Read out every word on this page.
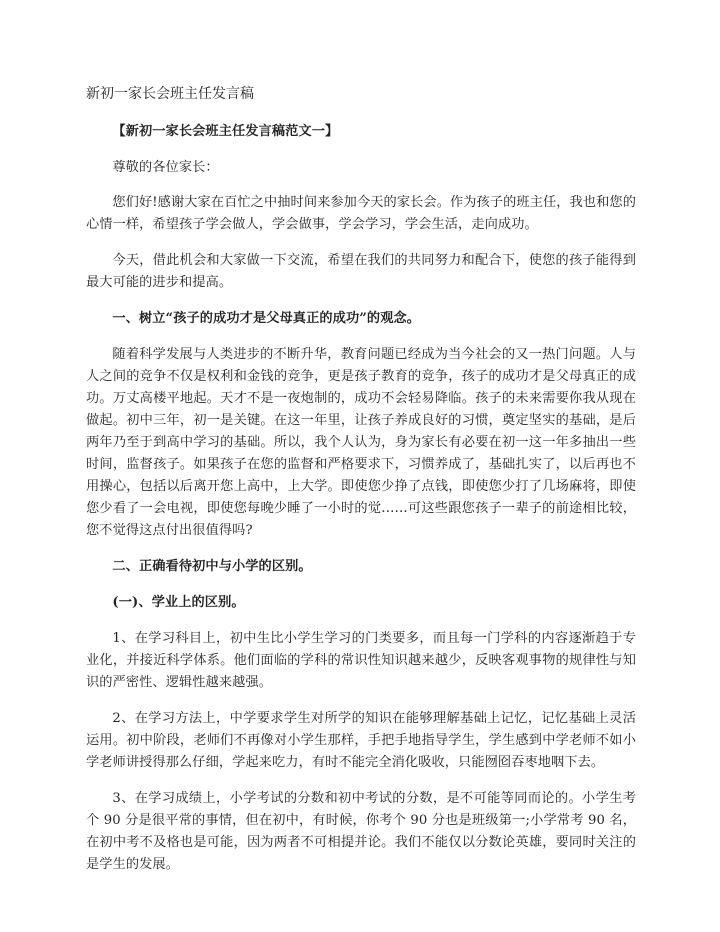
新初一家长会班主任发言稿

【新初一家长会班主任发言稿范文一】

尊敬的各位家长：

您们好!感谢大家在百忙之中抽时间来参加今天的家长会。作为孩子的班主任，我也和您的心情一样，希望孩子学会做人，学会做事，学会学习，学会生活，走向成功。

今天，借此机会和大家做一下交流，希望在我们的共同努力和配合下，使您的孩子能得到最大可能的进步和提高。

一、树立“孩子的成功才是父母真正的成功”的观念。

随着科学发展与人类进步的不断升华，教育问题已经成为当今社会的又一热门问题。人与人之间的竞争不仅是权利和金钱的竞争，更是孩子教育的竞争，孩子的成功才是父母真正的成功。万丈高楼平地起。天才不是一夜炮制的，成功不会轻易降临。孩子的未来需要你我从现在做起。初中三年，初一是关键。在这一年里，让孩子养成良好的习惯，奠定坚实的基础，是后两年乃至于到高中学习的基础。所以，我个人认为，身为家长有必要在初一这一年多抽出一些时间，监督孩子。如果孩子在您的监督和严格要求下，习惯养成了，基础扎实了，以后再也不用操心，包括以后离开您上高中，上大学。即使您少挣了点钱，即使您少打了几场麻将，即使您少看了一会电视，即使您每晚少睡了一小时的觉……可这些跟您孩子一辈子的前途相比较，您不觉得这点付出很值得吗?

二、正确看待初中与小学的区别。

(一)、学业上的区别。

1、在学习科目上，初中生比小学生学习的门类要多，而且每一门学科的内容逐渐趋于专业化，并接近科学体系。他们面临的学科的常识性知识越来越少，反映客观事物的规律性与知识的严密性、逻辑性越来越强。

2、在学习方法上，中学要求学生对所学的知识在能够理解基础上记忆，记忆基础上灵活运用。初中阶段，老师们不再像对小学生那样，手把手地指导学生，学生感到中学老师不如小学老师讲授得那么仔细，学起来吃力，有时不能完全消化吸收，只能囫囵吞枣地咽下去。

3、在学习成绩上，小学考试的分数和初中考试的分数，是不可能等同而论的。小学生考个 90 分是很平常的事情，但在初中，有时候，你考个 90 分也是班级第一;小学常考 90 名，在初中考不及格也是可能，因为两者不可相提并论。我们不能仅以分数论英雄，要同时关注的是学生的发展。
